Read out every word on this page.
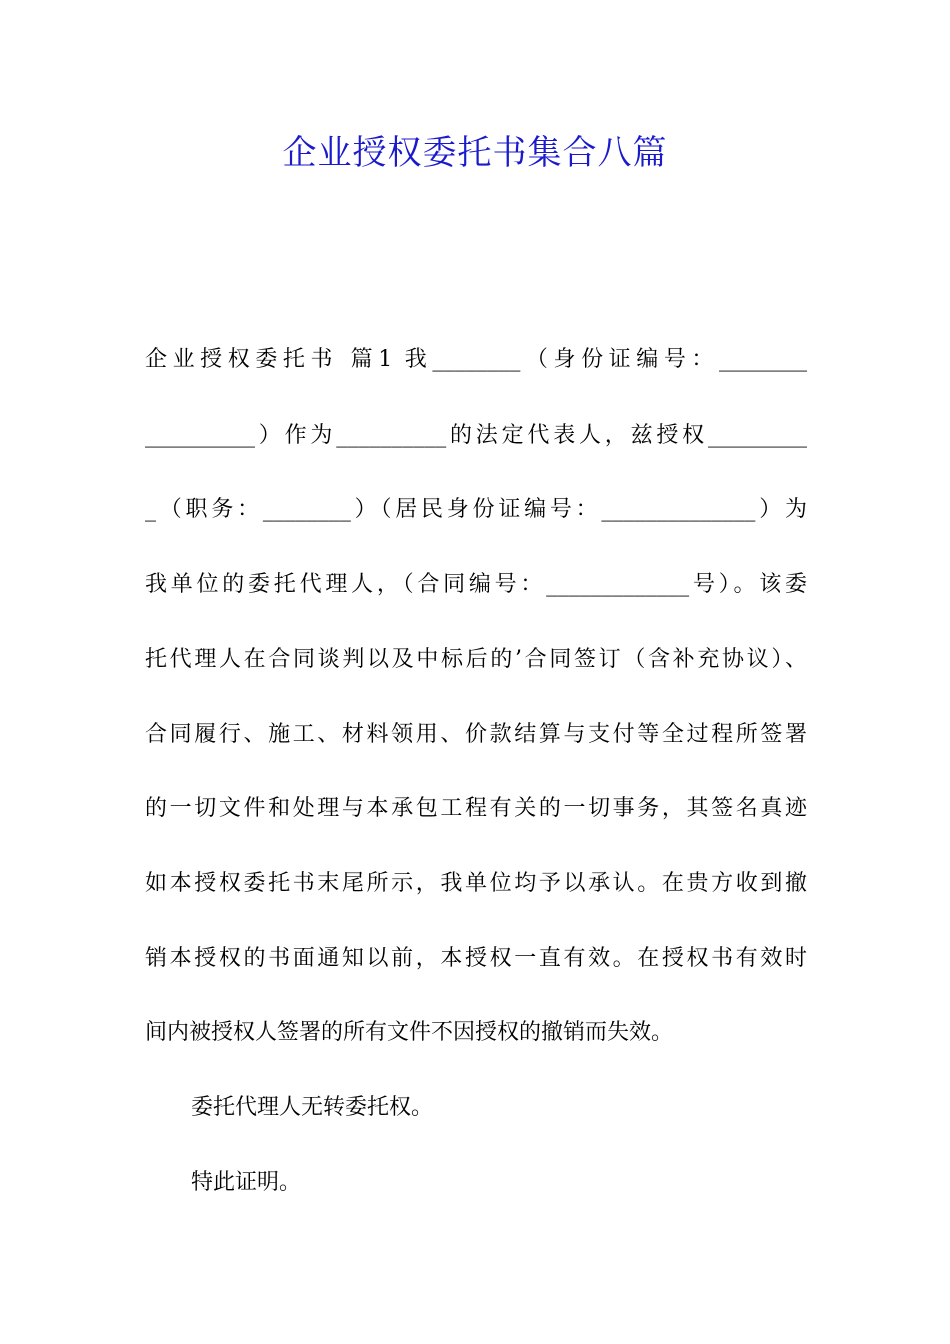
企业授权委托书集合八篇
企业授权委托书 篇1 我________（身份证编号：________
__________）作为__________的法定代表人，兹授权_________
_（职务：________）（居民身份证编号：______________）为
我单位的委托代理人，（合同编号：_____________号）。该委
托代理人在合同谈判以及中标后的’合同签订（含补充协议）、
合同履行、施工、材料领用、价款结算与支付等全过程所签署
的一切文件和处理与本承包工程有关的一切事务，其签名真迹
如本授权委托书末尾所示，我单位均予以承认。在贵方收到撤
销本授权的书面通知以前，本授权一直有效。在授权书有效时
间内被授权人签署的所有文件不因授权的撤销而失效。
委托代理人无转委托权。
特此证明。
